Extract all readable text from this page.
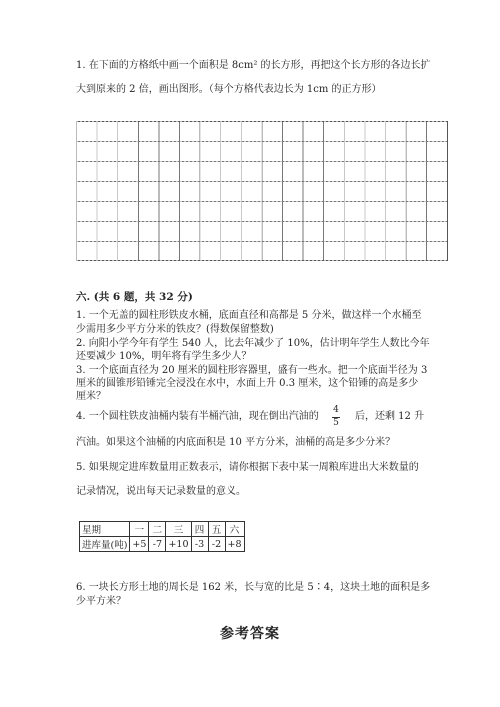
1. 在下面的方格纸中画一个面积是 8cm² 的长方形，再把这个长方形的各边长扩
大到原来的 2 倍，画出图形。（每个方格代表边长为 1cm 的正方形）
六. (共 6 题，共 32 分)
1. 一个无盖的圆柱形铁皮水桶，底面直径和高都是 5 分米，做这样一个水桶至
少需用多少平方分米的铁皮？(得数保留整数)
2. 向阳小学今年有学生 540 人，比去年减少了 10%，估计明年学生人数比今年
还要减少 10%，明年将有学生多少人？
3. 一个底面直径为 20 厘米的圆柱形容器里，盛有一些水。把一个底面半径为 3
厘米的圆锥形铅锤完全浸没在水中，水面上升 0.3 厘米，这个铅锤的高是多少
厘米？
4. 一个圆柱铁皮油桶内装有半桶汽油，现在倒出汽油的
4
5
后，还剩 12 升
汽油。如果这个油桶的内底面积是 10 平方分米，油桶的高是多少分米？
5. 如果规定进库数量用正数表示，请你根据下表中某一周粮库进出大米数量的
记录情况，说出每天记录数量的意义。
星期	一	二	三	四	五	六
进库量(吨)	+5	-7	+10	-3	-2	+8
6. 一块长方形土地的周长是 162 米，长与宽的比是 5∶4，这块土地的面积是多
少平方米？
参考答案
